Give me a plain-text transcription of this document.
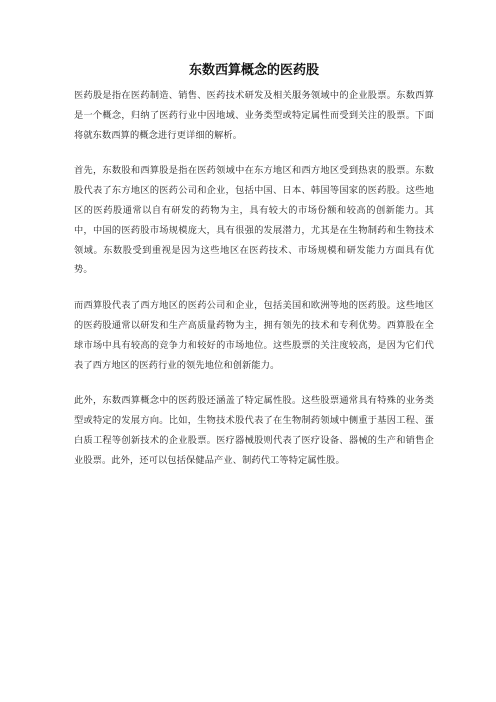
东数西算概念的医药股

医药股是指在医药制造、销售、医药技术研发及相关服务领域中的企业股票。东数西算是一个概念，归纳了医药行业中因地域、业务类型或特定属性而受到关注的股票。下面将就东数西算的概念进行更详细的解析。

首先，东数股和西算股是指在医药领域中在东方地区和西方地区受到热衷的股票。东数股代表了东方地区的医药公司和企业，包括中国、日本、韩国等国家的医药股。这些地区的医药股通常以自有研发的药物为主，具有较大的市场份额和较高的创新能力。其中，中国的医药股市场规模庞大，具有很强的发展潜力，尤其是在生物制药和生物技术领域。东数股受到重视是因为这些地区在医药技术、市场规模和研发能力方面具有优势。

而西算股代表了西方地区的医药公司和企业，包括美国和欧洲等地的医药股。这些地区的医药股通常以研发和生产高质量药物为主，拥有领先的技术和专利优势。西算股在全球市场中具有较高的竞争力和较好的市场地位。这些股票的关注度较高，是因为它们代表了西方地区的医药行业的领先地位和创新能力。

此外，东数西算概念中的医药股还涵盖了特定属性股。这些股票通常具有特殊的业务类型或特定的发展方向。比如，生物技术股代表了在生物制药领域中侧重于基因工程、蛋白质工程等创新技术的企业股票。医疗器械股则代表了医疗设备、器械的生产和销售企业股票。此外，还可以包括保健品产业、制药代工等特定属性股。
